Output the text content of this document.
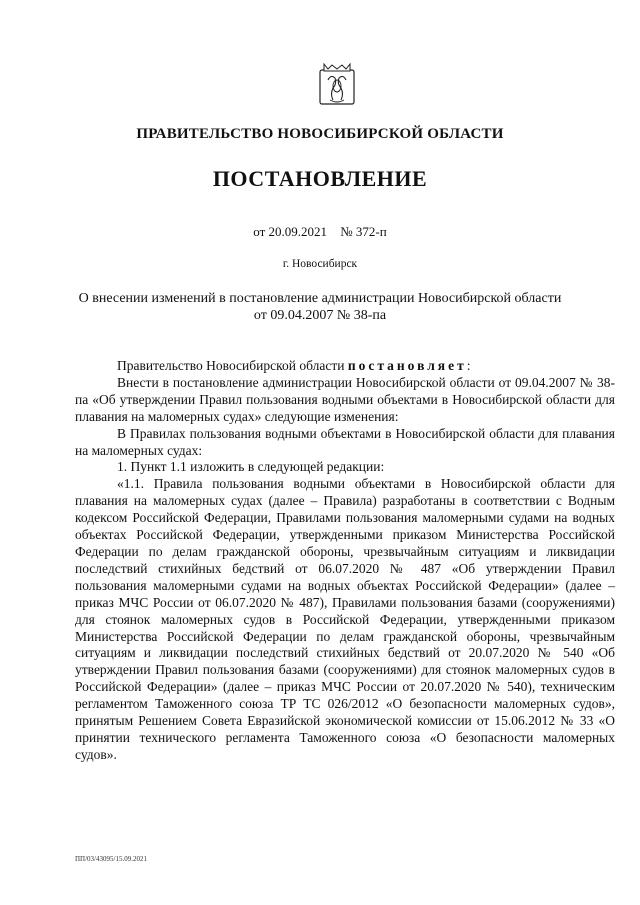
ПРАВИТЕЛЬСТВО НОВОСИБИРСКОЙ ОБЛАСТИ
ПОСТАНОВЛЕНИЕ
от 20.09.2021 № 372-п
г. Новосибирск
О внесении изменений в постановление администрации Новосибирской области
от 09.04.2007 № 38-па

Правительство Новосибирской области постановляет:

Внести в постановление администрации Новосибирской области от 09.04.2007 № 38-па «Об утверждении Правил пользования водными объектами в Новосибирской области для плавания на маломерных судах» следующие изменения:

В Правилах пользования водными объектами в Новосибирской области для плавания на маломерных судах:

1. Пункт 1.1 изложить в следующей редакции:

«1.1. Правила пользования водными объектами в Новосибирской области для плавания на маломерных судах (далее – Правила) разработаны в соответствии с Водным кодексом Российской Федерации, Правилами пользования маломерными судами на водных объектах Российской Федерации, утвержденными приказом Министерства Российской Федерации по делам гражданской обороны, чрезвычайным ситуациям и ликвидации последствий стихийных бедствий от 06.07.2020 № 487 «Об утверждении Правил пользования маломерными судами на водных объектах Российской Федерации» (далее – приказ МЧС России от 06.07.2020 № 487), Правилами пользования базами (сооружениями) для стоянок маломерных судов в Российской Федерации, утвержденными приказом Министерства Российской Федерации по делам гражданской обороны, чрезвычайным ситуациям и ликвидации последствий стихийных бедствий от 20.07.2020 № 540 «Об утверждении Правил пользования базами (сооружениями) для стоянок маломерных судов в Российской Федерации» (далее – приказ МЧС России от 20.07.2020 № 540), техническим регламентом Таможенного союза ТР ТС 026/2012 «О безопасности маломерных судов», принятым Решением Совета Евразийской экономической комиссии от 15.06.2012 № 33 «О принятии технического регламента Таможенного союза «О безопасности маломерных судов».

ПП/03/43095/15.09.2021
